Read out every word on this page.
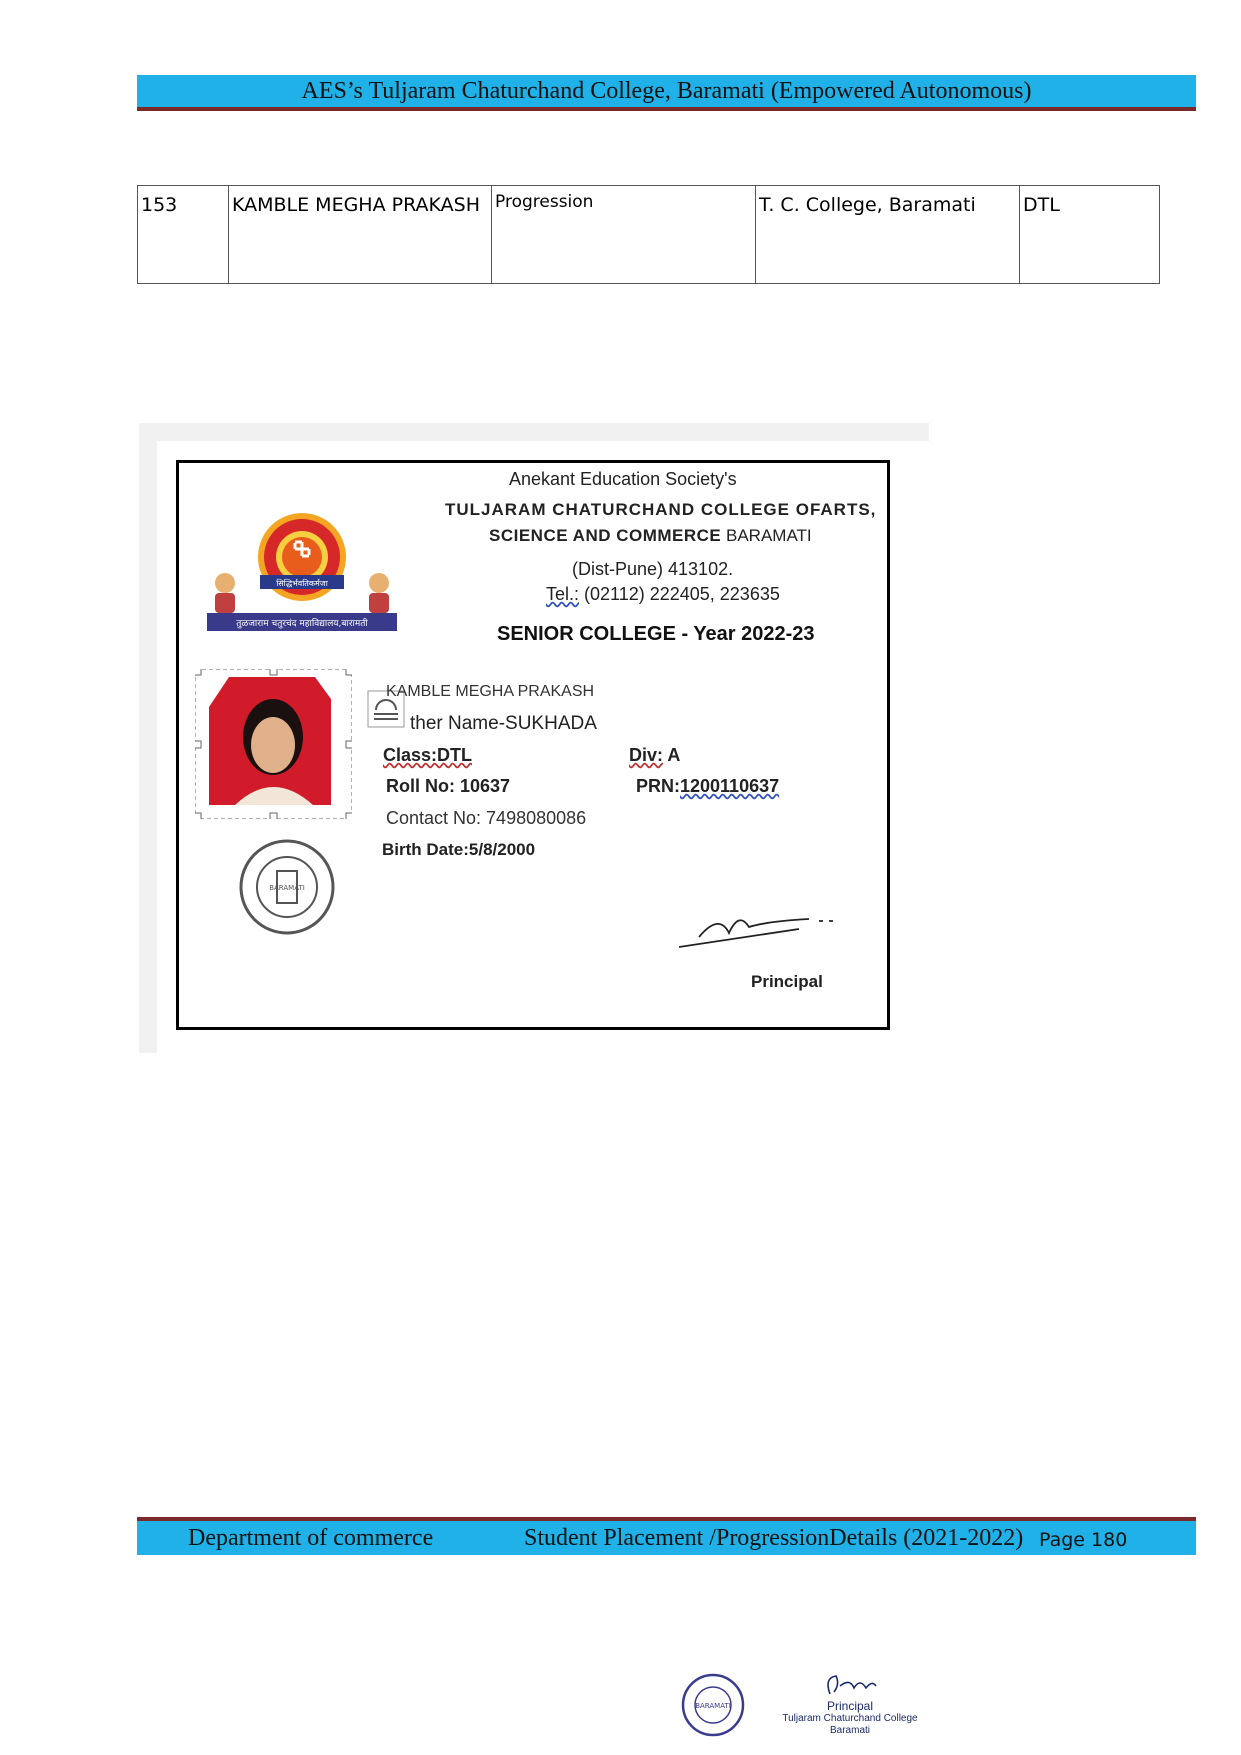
AES’s Tuljaram Chaturchand College, Baramati (Empowered Autonomous)
153	KAMBLE MEGHA PRAKASH	Progression	T. C. College, Baramati	DTL
सिद्धिर्भवतिकर्मजा
तुळजाराम चतुरचंद महाविद्यालय,बारामती
Anekant Education Society's
TULJARAM CHATURCHAND COLLEGE OFARTS,
SCIENCE AND COMMERCE BARAMATI
(Dist-Pune) 413102.
Tel.: (02112) 222405, 223635
SENIOR COLLEGE - Year 2022-23
KAMBLE MEGHA PRAKASH
ther Name-SUKHADA
Class:DTL	Div: A
Roll No: 10637	PRN:1200110637
Contact No: 7498080086
Birth Date:5/8/2000
BARAMATI
Principal
Department of commerce	Student Placement /ProgressionDetails (2021-2022) Page 180
BARAMATI	Principal
Tuljaram Chaturchand College
Baramati
